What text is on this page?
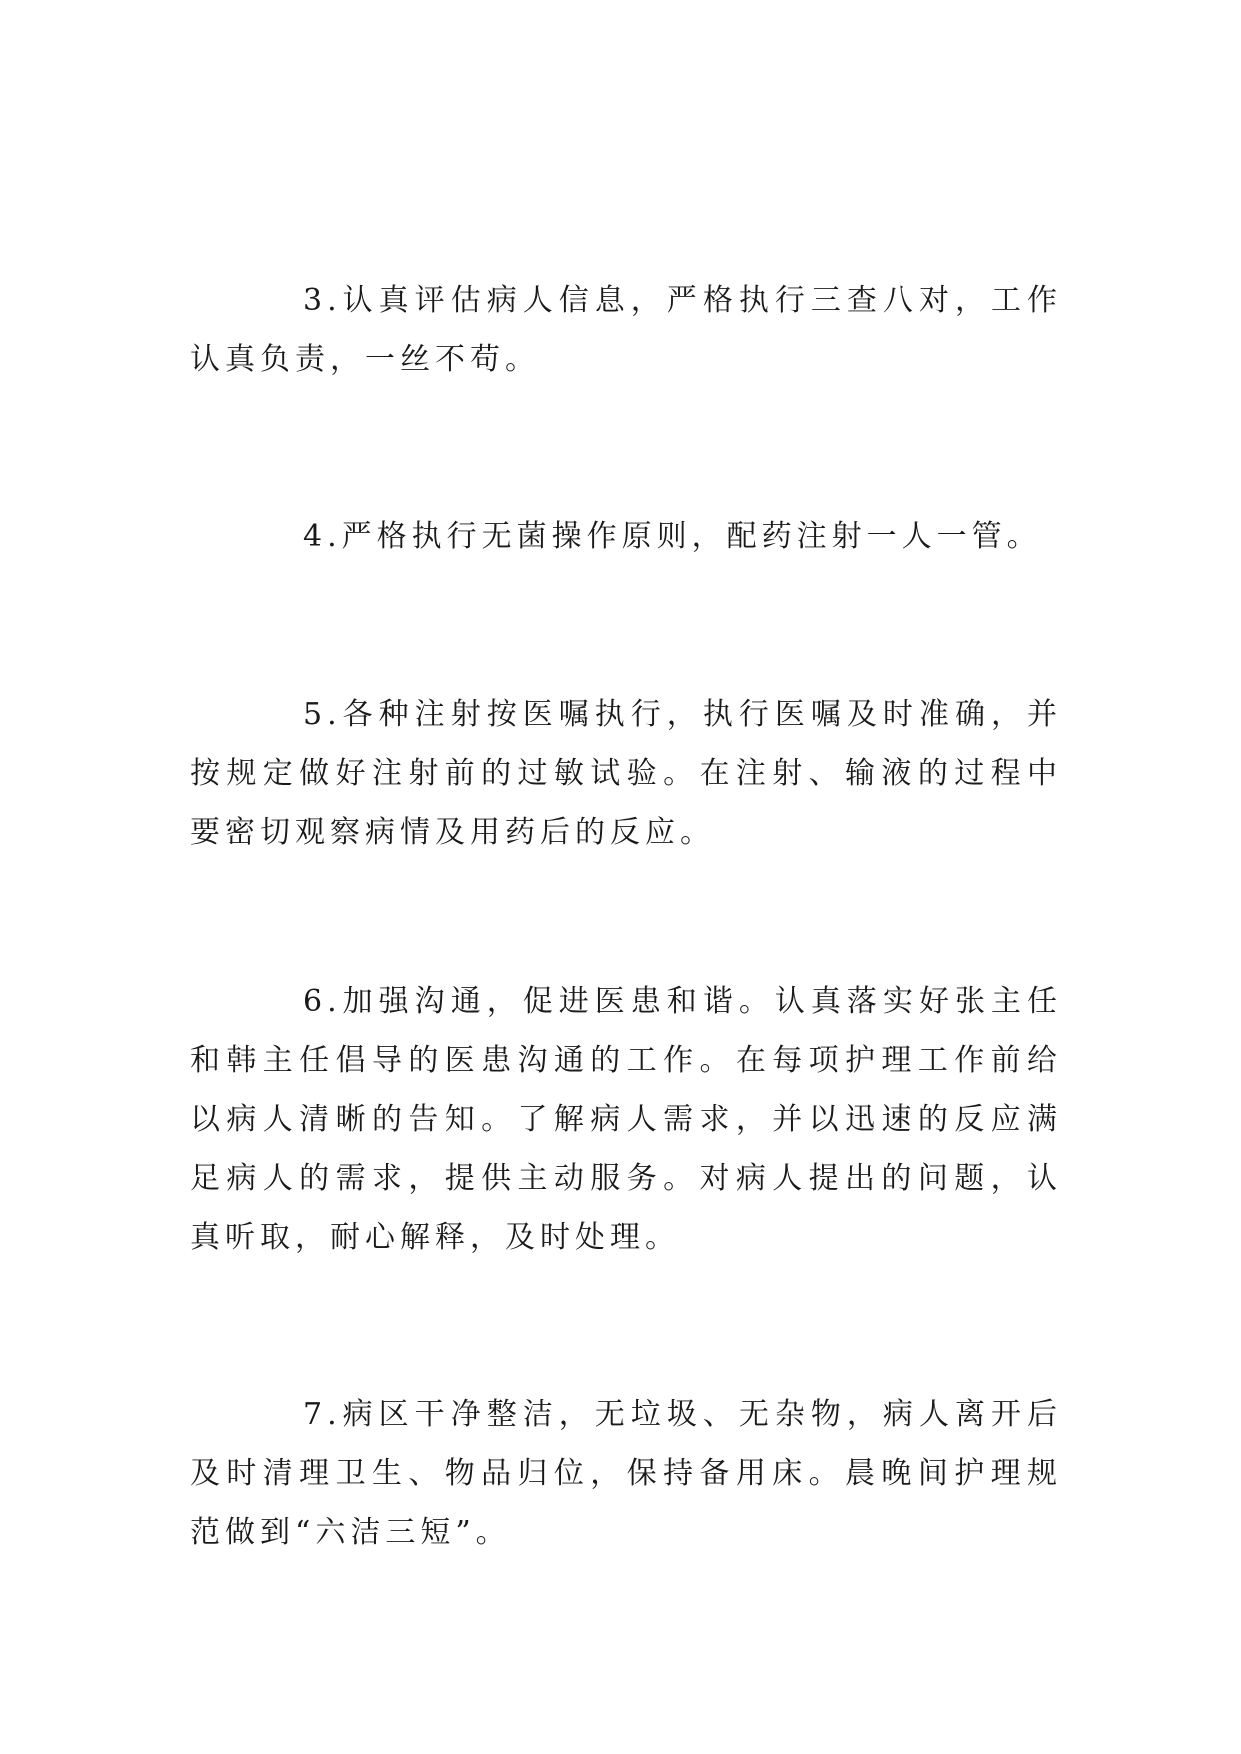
3.认真评估病人信息，严格执行三查八对，工作认真负责，一丝不苟。

4.严格执行无菌操作原则，配药注射一人一管。

5.各种注射按医嘱执行，执行医嘱及时准确，并按规定做好注射前的过敏试验。在注射、输液的过程中要密切观察病情及用药后的反应。

6.加强沟通，促进医患和谐。认真落实好张主任和韩主任倡导的医患沟通的工作。在每项护理工作前给以病人清晰的告知。了解病人需求，并以迅速的反应满足病人的需求，提供主动服务。对病人提出的问题，认真听取，耐心解释，及时处理。

7.病区干净整洁，无垃圾、无杂物，病人离开后及时清理卫生、物品归位，保持备用床。晨晚间护理规范做到“六洁三短”。
